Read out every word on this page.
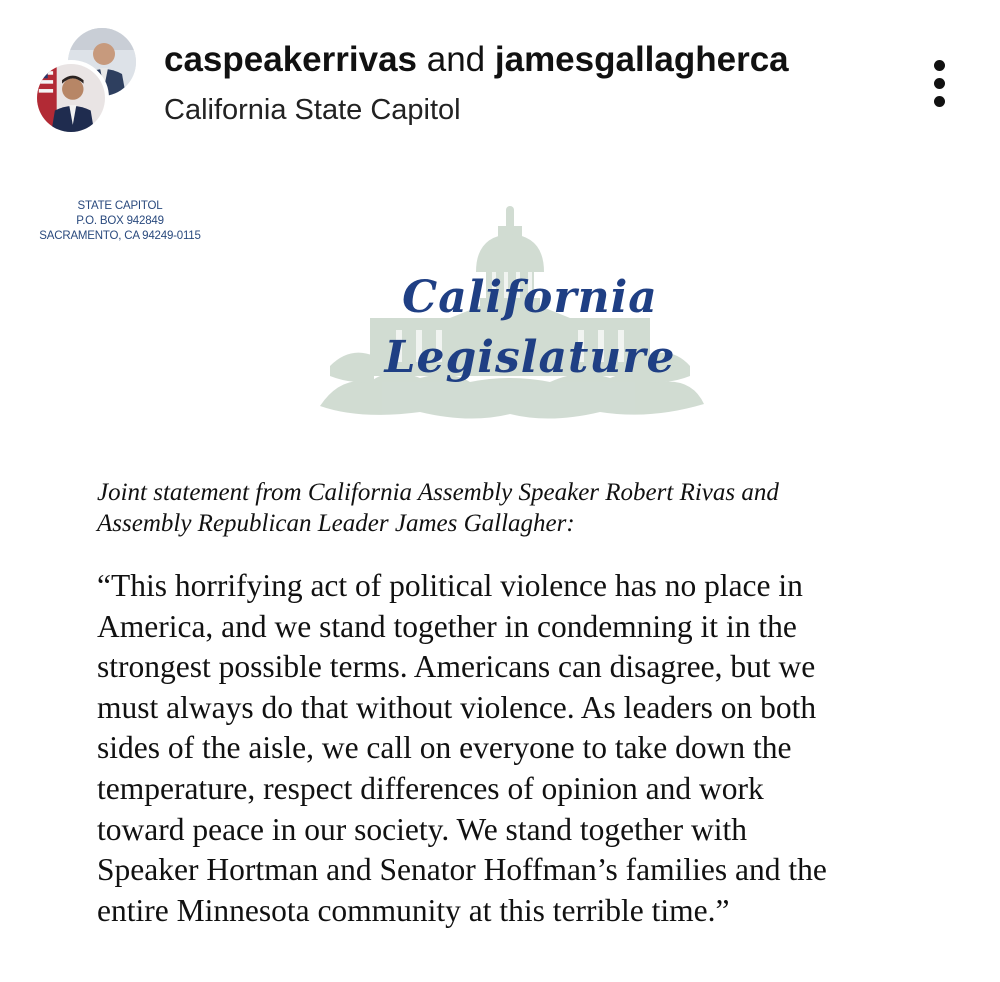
caspeakerrivas and jamesgallagherca
California State Capitol
STATE CAPITOL
P.O. BOX 942849
SACRAMENTO, CA 94249-0115
California Legislature
Joint statement from California Assembly Speaker Robert Rivas and
Assembly Republican Leader James Gallagher:
“This horrifying act of political violence has no place in
America, and we stand together in condemning it in the
strongest possible terms. Americans can disagree, but we
must always do that without violence. As leaders on both
sides of the aisle, we call on everyone to take down the
temperature, respect differences of opinion and work
toward peace in our society. We stand together with
Speaker Hortman and Senator Hoffman’s families and the
entire Minnesota community at this terrible time.”
